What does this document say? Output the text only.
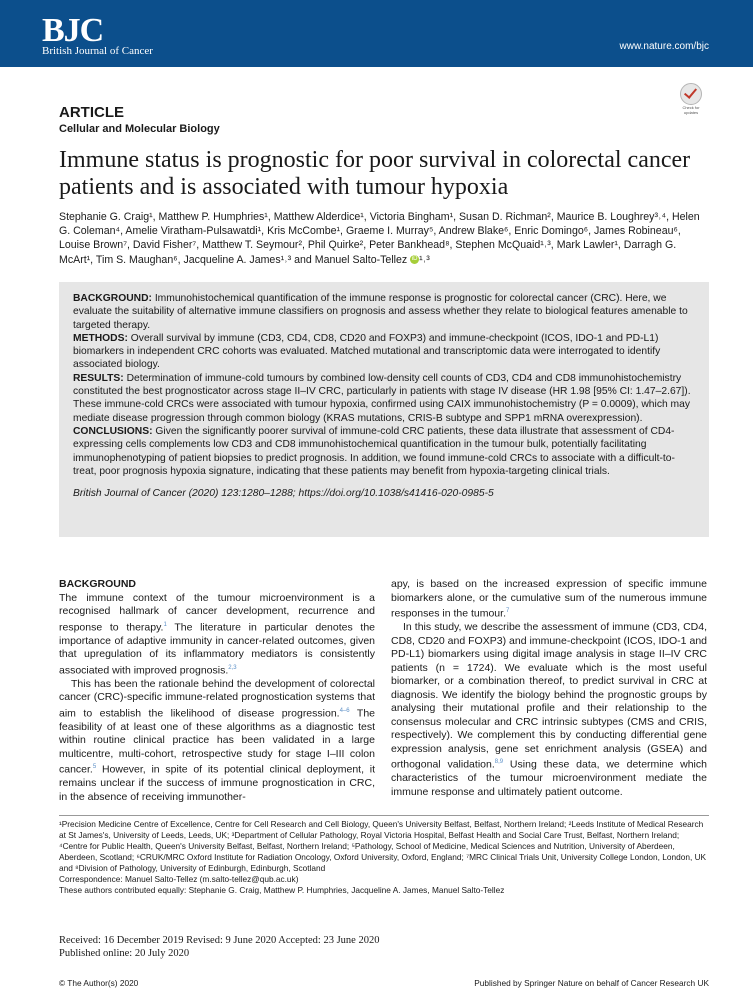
BJC
British Journal of Cancer	www.nature.com/bjc
Check for updates
ARTICLE
Cellular and Molecular Biology
Immune status is prognostic for poor survival in colorectal cancer patients and is associated with tumour hypoxia
Stephanie G. Craig¹, Matthew P. Humphries¹, Matthew Alderdice¹, Victoria Bingham¹, Susan D. Richman², Maurice B. Loughrey³˒⁴, Helen G. Coleman⁴, Amelie Viratham-Pulsawatdi¹, Kris McCombe¹, Graeme I. Murray⁵, Andrew Blake⁶, Enric Domingo⁶, James Robineau⁶, Louise Brown⁷, David Fisher⁷, Matthew T. Seymour², Phil Quirke², Peter Bankhead⁸, Stephen McQuaid¹˒³, Mark Lawler¹, Darragh G. McArt¹, Tim S. Maughan⁶, Jacqueline A. James¹˒³ and Manuel Salto-Tellez iD ¹˒³

BACKGROUND: Immunohistochemical quantification of the immune response is prognostic for colorectal cancer (CRC). Here, we evaluate the suitability of alternative immune classifiers on prognosis and assess whether they relate to biological features amenable to targeted therapy.

METHODS: Overall survival by immune (CD3, CD4, CD8, CD20 and FOXP3) and immune-checkpoint (ICOS, IDO-1 and PD-L1) biomarkers in independent CRC cohorts was evaluated. Matched mutational and transcriptomic data were interrogated to identify associated biology.

RESULTS: Determination of immune-cold tumours by combined low-density cell counts of CD3, CD4 and CD8 immunohistochemistry constituted the best prognosticator across stage II–IV CRC, particularly in patients with stage IV disease (HR 1.98 [95% CI: 1.47–2.67]). These immune-cold CRCs were associated with tumour hypoxia, confirmed using CAIX immunohistochemistry (P = 0.0009), which may mediate disease progression through common biology (KRAS mutations, CRIS-B subtype and SPP1 mRNA overexpression).

CONCLUSIONS: Given the significantly poorer survival of immune-cold CRC patients, these data illustrate that assessment of CD4-expressing cells complements low CD3 and CD8 immunohistochemical quantification in the tumour bulk, potentially facilitating immunophenotyping of patient biopsies to predict prognosis. In addition, we found immune-cold CRCs to associate with a difficult-to-treat, poor prognosis hypoxia signature, indicating that these patients may benefit from hypoxia-targeting clinical trials.

British Journal of Cancer (2020) 123:1280–1288; https://doi.org/10.1038/s41416-020-0985-5

BACKGROUND

The immune context of the tumour microenvironment is a recognised hallmark of cancer development, recurrence and response to therapy.$^1$ The literature in particular denotes the importance of adaptive immunity in cancer-related outcomes, given that upregulation of its inflammatory mediators is consistently associated with improved prognosis.$^{2,3}$

This has been the rationale behind the development of colorectal cancer (CRC)-specific immune-related prognostication systems that aim to establish the likelihood of disease progression.$^{4-6}$ The feasibility of at least one of these algorithms as a diagnostic test within routine clinical practice has been validated in a large multicentre, multi-cohort, retrospective study for stage I–III colon cancer.$^5$ However, in spite of its potential clinical deployment, it remains unclear if the success of immune prognostication in CRC, in the absence of receiving immunother-

apy, is based on the increased expression of specific immune biomarkers alone, or the cumulative sum of the numerous immune responses in the tumour.$^7$

In this study, we describe the assessment of immune (CD3, CD4, CD8, CD20 and FOXP3) and immune-checkpoint (ICOS, IDO-1 and PD-L1) biomarkers using digital image analysis in stage II–IV CRC patients (n = 1724). We evaluate which is the most useful biomarker, or a combination thereof, to predict survival in CRC at diagnosis. We identify the biology behind the prognostic groups by analysing their mutational profile and their relationship to the consensus molecular and CRC intrinsic subtypes (CMS and CRIS, respectively). We complement this by conducting differential gene expression analysis, gene set enrichment analysis (GSEA) and orthogonal validation.$^{8,9}$ Using these data, we determine which characteristics of the tumour microenvironment mediate the immune response and ultimately patient outcome.

¹Precision Medicine Centre of Excellence, Centre for Cell Research and Cell Biology, Queen's University Belfast, Belfast, Northern Ireland; ²Leeds Institute of Medical Research at St James's, University of Leeds, Leeds, UK; ³Department of Cellular Pathology, Royal Victoria Hospital, Belfast Health and Social Care Trust, Belfast, Northern Ireland; ⁴Centre for Public Health, Queen's University Belfast, Belfast, Northern Ireland; ⁵Pathology, School of Medicine, Medical Sciences and Nutrition, University of Aberdeen, Aberdeen, Scotland; ⁶CRUK/MRC Oxford Institute for Radiation Oncology, Oxford University, Oxford, England; ⁷MRC Clinical Trials Unit, University College London, London, UK and ⁸Division of Pathology, University of Edinburgh, Edinburgh, Scotland

Correspondence: Manuel Salto-Tellez (m.salto-tellez@qub.ac.uk)

These authors contributed equally: Stephanie G. Craig, Matthew P. Humphries, Jacqueline A. James, Manuel Salto-Tellez

Received: 16 December 2019 Revised: 9 June 2020 Accepted: 23 June 2020

Published online: 20 July 2020

© The Author(s) 2020	Published by Springer Nature on behalf of Cancer Research UK
